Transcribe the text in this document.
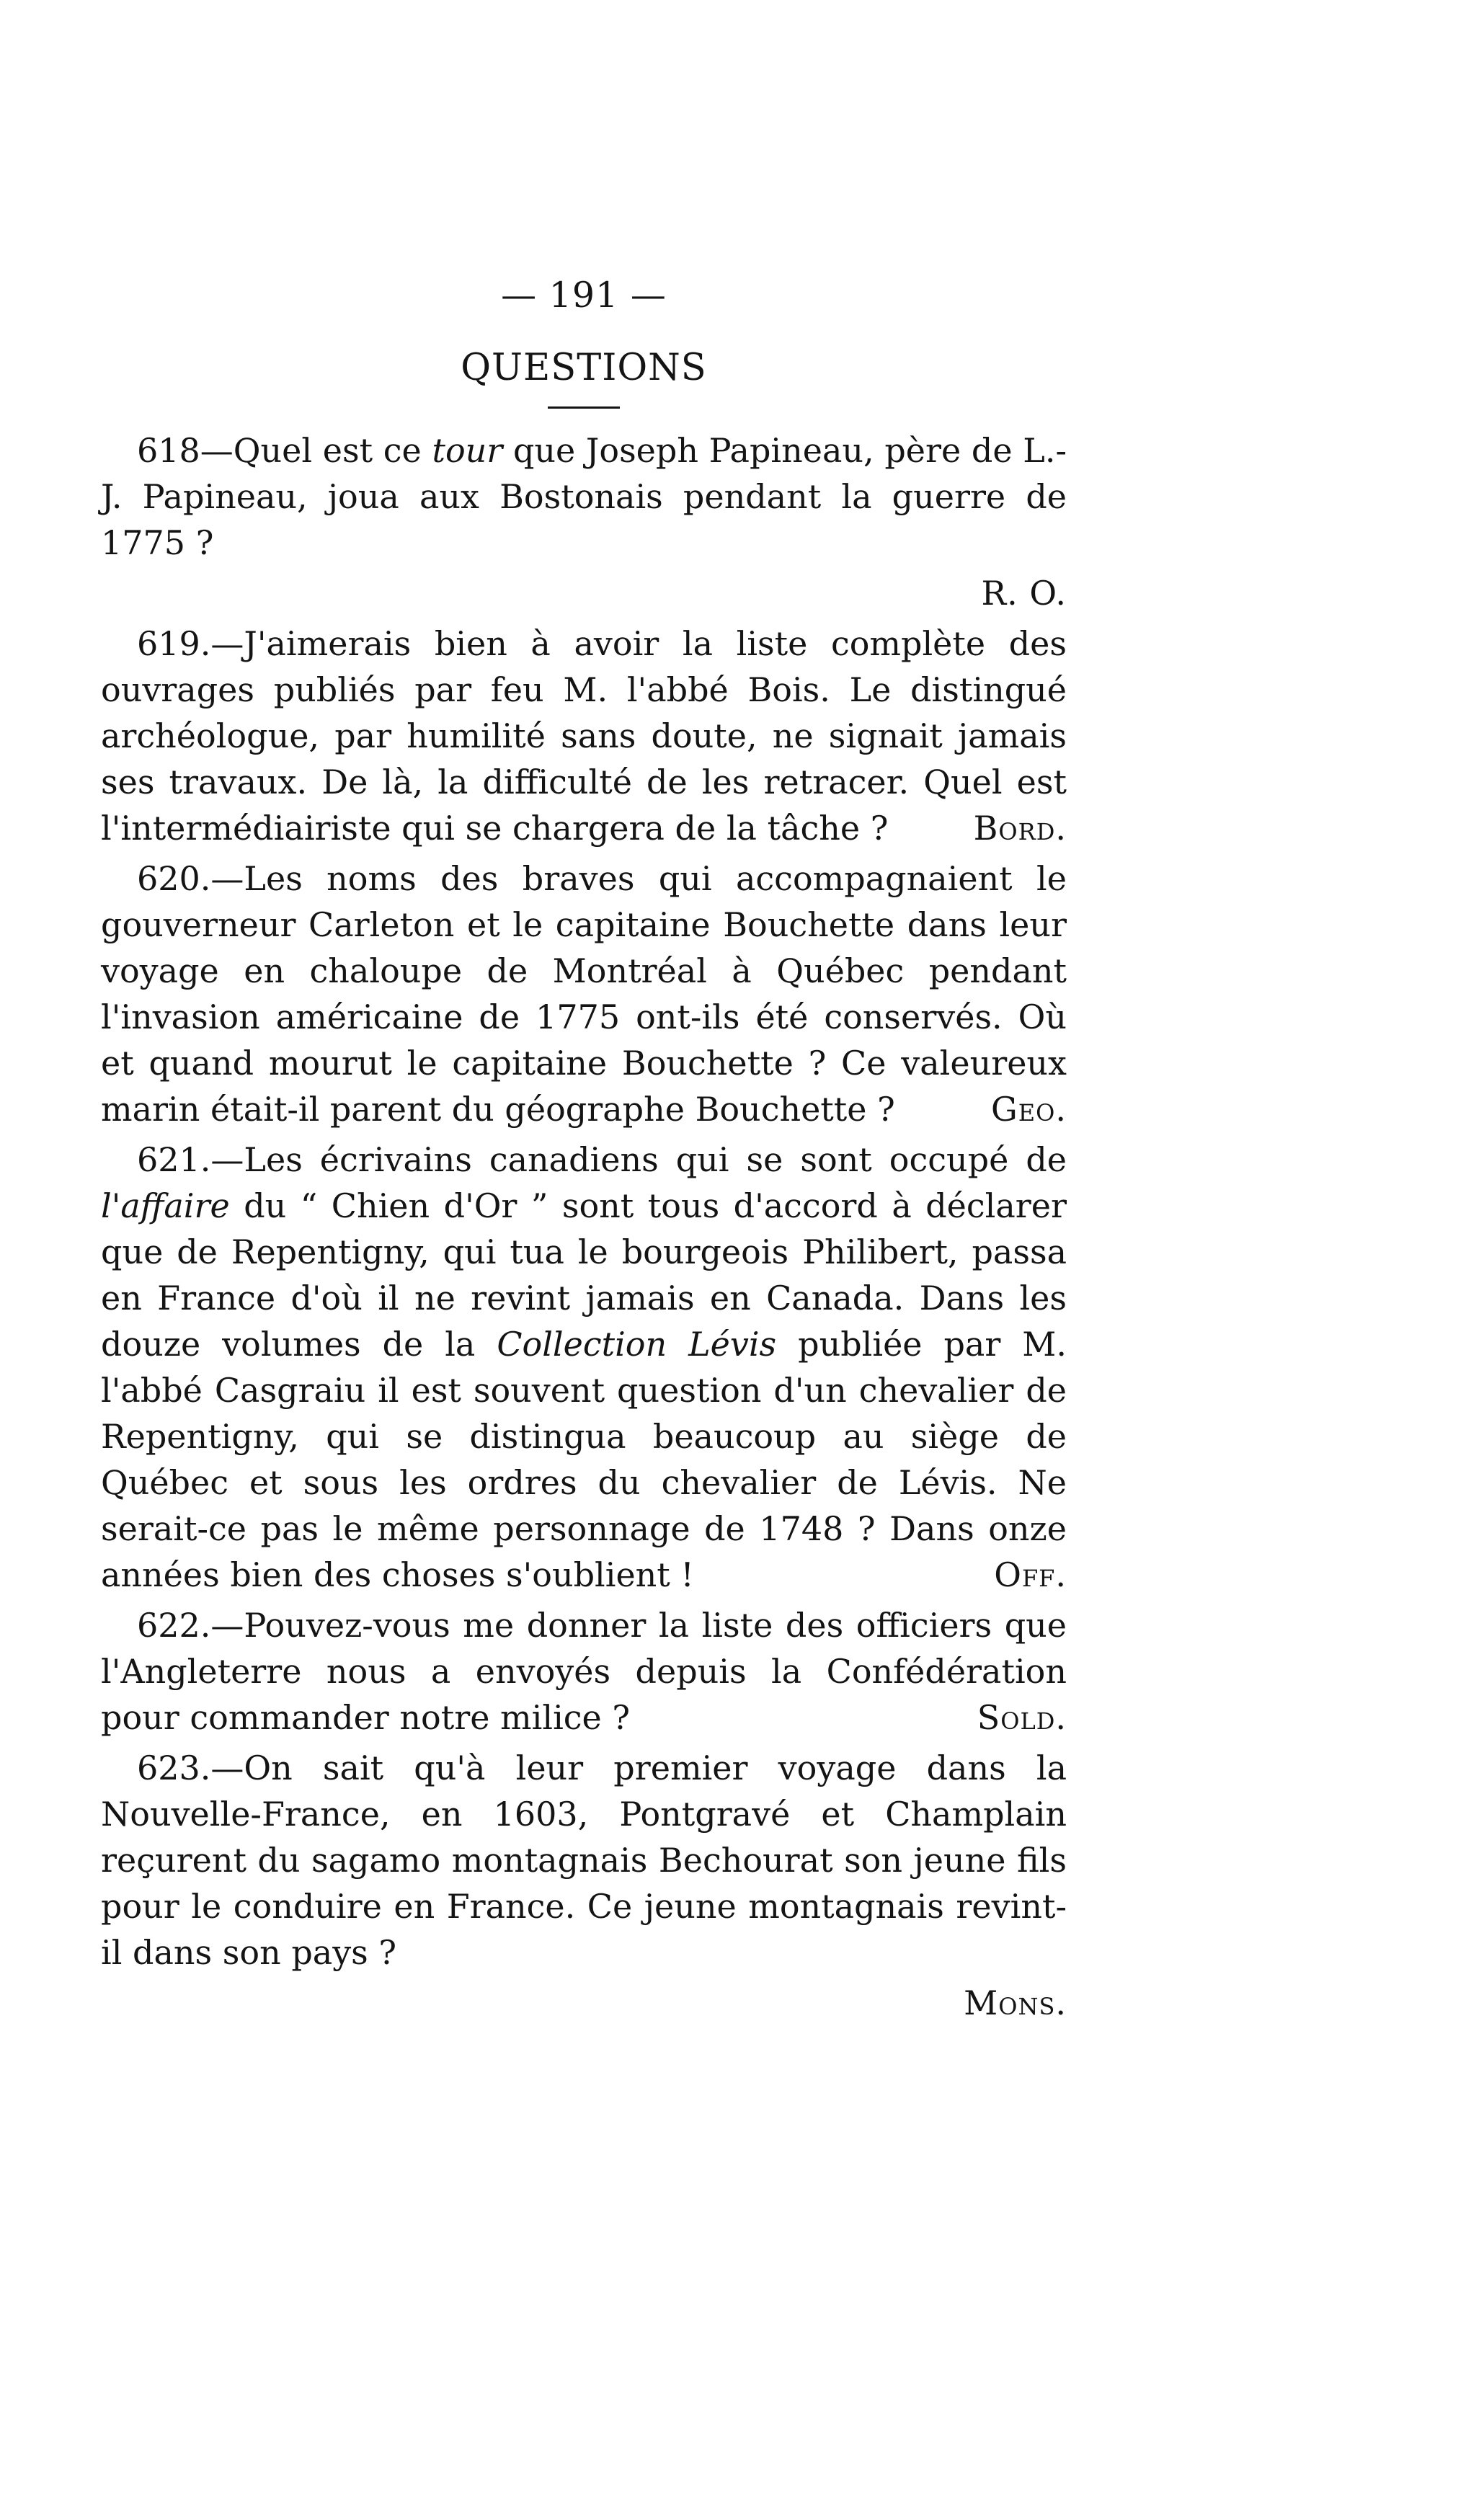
— 191 —
QUESTIONS

618—Quel est ce tour que Joseph Papineau, père de L.-J. Papineau, joua aux Bostonais pendant la guerre de 1775 ?

R. O.

619.—J'aimerais bien à avoir la liste complète des ouvrages publiés par feu M. l'abbé Bois. Le distingué archéologue, par humilité sans doute, ne signait jamais ses travaux. De là, la difficulté de les retracer. Quel est l'intermédiairiste qui se chargera de la tâche ?	Bord.

620.—Les noms des braves qui accompagnaient le gouverneur Carleton et le capitaine Bouchette dans leur voyage en chaloupe de Montréal à Québec pendant l'invasion américaine de 1775 ont-ils été conservés. Où et quand mourut le capitaine Bouchette ? Ce valeureux marin était-il parent du géographe Bouchette ?	Geo.

621.—Les écrivains canadiens qui se sont occupé de l'affaire du “ Chien d'Or ” sont tous d'accord à déclarer que de Repentigny, qui tua le bourgeois Philibert, passa en France d'où il ne revint jamais en Canada. Dans les douze volumes de la Collection Lévis publiée par M. l'abbé Casgraiu il est souvent question d'un chevalier de Repentigny, qui se distingua beaucoup au siège de Québec et sous les ordres du chevalier de Lévis. Ne serait-ce pas le même personnage de 1748 ? Dans onze années bien des choses s'oublient !	Off.

622.—Pouvez-vous me donner la liste des officiers que l'Angleterre nous a envoyés depuis la Confédération pour commander notre milice ?	Sold.

623.—On sait qu'à leur premier voyage dans la Nouvelle-France, en 1603, Pontgravé et Champlain reçurent du sagamo montagnais Bechourat son jeune fils pour le conduire en France. Ce jeune montagnais revint-il dans son pays ?

Mons.
